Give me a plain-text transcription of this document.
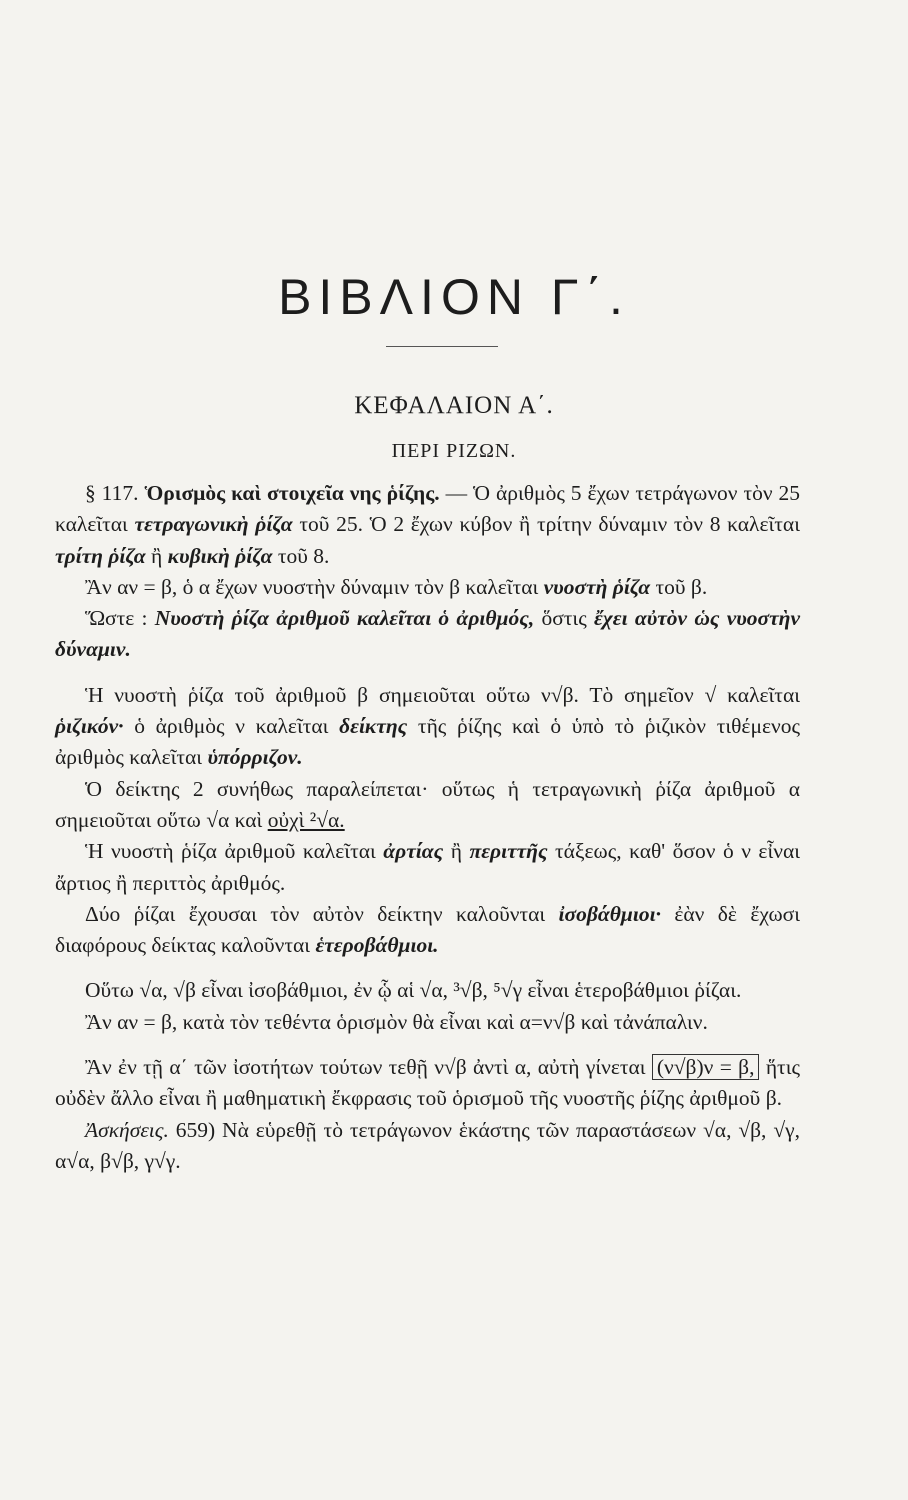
ΒΙΒΛΙΟΝ Γ΄.
ΚΕΦΑΛΑΙΟΝ Α΄.
ΠΕΡΙ ΡΙΖΩΝ.

§ 117. Ὁρισμὸς καὶ στοιχεῖα νης ῥίζης. — Ὁ ἀριθμὸς 5 ἔχων τετράγωνον τὸν 25 καλεῖται τετραγωνικὴ ῥίζα τοῦ 25. Ὁ 2 ἔχων κύβον ἢ τρίτην δύναμιν τὸν 8 καλεῖται τρίτη ῥίζα ἢ κυβικὴ ῥίζα τοῦ 8.

Ἂν αν = β, ὁ α ἔχων νυοστὴν δύναμιν τὸν β καλεῖται νυοστὴ ῥίζα τοῦ β.

Ὥστε : Νυοστὴ ῥίζα ἀριθμοῦ καλεῖται ὁ ἀριθμός, ὅστις ἔχει αὐτὸν ὡς νυοστὴν δύναμιν.

Ἡ νυοστὴ ῥίζα τοῦ ἀριθμοῦ β σημειοῦται οὕτω ν√β. Τὸ σημεῖον √ καλεῖται ῥιζικόν· ὁ ἀριθμὸς ν καλεῖται δείκτης τῆς ῥίζης καὶ ὁ ὑπὸ τὸ ῥιζικὸν τιθέμενος ἀριθμὸς καλεῖται ὑπόρριζον.

Ὁ δείκτης 2 συνήθως παραλείπεται· οὕτως ἡ τετραγωνικὴ ῥίζα ἀριθμοῦ α σημειοῦται οὕτω √α καὶ οὐχὶ ²√α.

Ἡ νυοστὴ ῥίζα ἀριθμοῦ καλεῖται ἀρτίας ἢ περιττῆς τάξεως, καθ' ὅσον ὁ ν εἶναι ἄρτιος ἢ περιττὸς ἀριθμός.

Δύο ῥίζαι ἔχουσαι τὸν αὐτὸν δείκτην καλοῦνται ἰσοβάθμιοι· ἐὰν δὲ ἔχωσι διαφόρους δείκτας καλοῦνται ἑτεροβάθμιοι.

Οὕτω √α, √β εἶναι ἰσοβάθμιοι, ἐν ᾧ αἱ √α, ³√β, ⁵√γ εἶναι ἑτεροβάθμιοι ῥίζαι.

Ἂν αν = β, κατὰ τὸν τεθέντα ὁρισμὸν θὰ εἶναι καὶ α=ν√β καὶ τἀνάπαλιν.

Ἂν ἐν τῇ α΄ τῶν ἰσοτήτων τούτων τεθῇ ν√β ἀντὶ α, αὐτὴ γίνεται (ν√β)ν = β, ἥτις οὐδὲν ἄλλο εἶναι ἢ μαθηματικὴ ἔκφρασις τοῦ ὁρισμοῦ τῆς νυοστῆς ῥίζης ἀριθμοῦ β.

Ἀσκήσεις. 659) Νὰ εὑρεθῇ τὸ τετράγωνον ἑκάστης τῶν παραστάσεων √α, √β, √γ, α√α, β√β, γ√γ.
